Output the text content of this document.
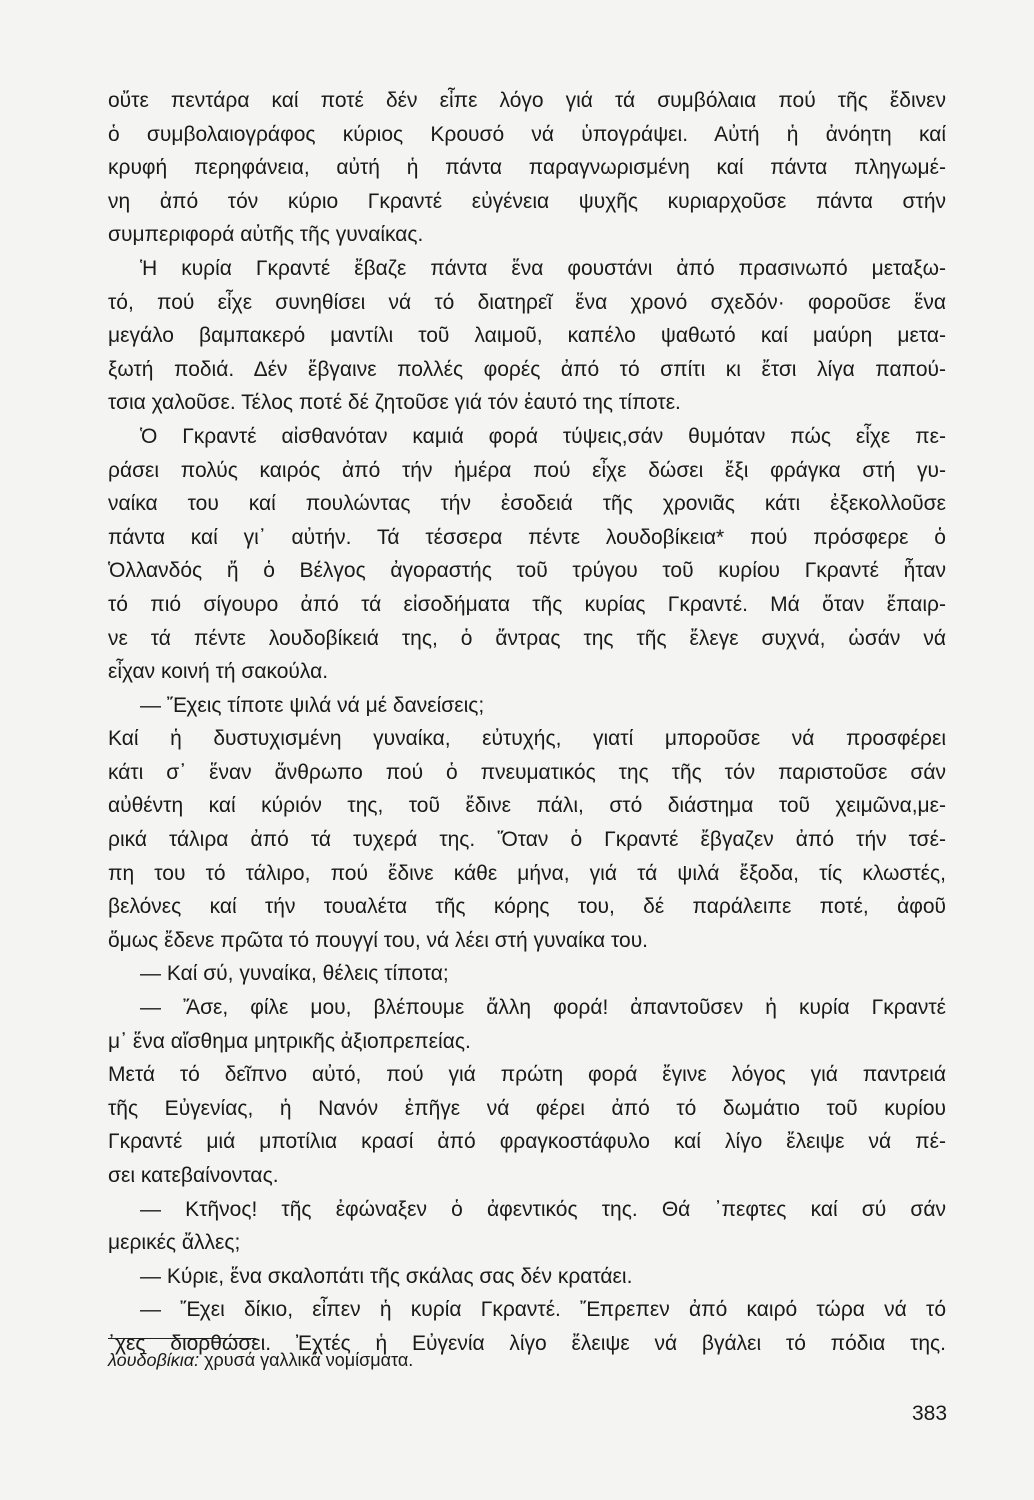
οὔτε πεντάρα καί ποτέ δέν εἶπε λόγο γιά τά συμβόλαια πού τῆς ἔδινεν
ὁ συμβολαιογράφος κύριος Κρουσό νά ὑπογράψει. Αὐτή ἡ ἀνόητη καί
κρυφή περηφάνεια, αὐτή ἡ πάντα παραγνωρισμένη καί πάντα πληγωμέ-
νη ἀπό τόν κύριο Γκραντέ εὐγένεια ψυχῆς κυριαρχοῦσε πάντα στήν
συμπεριφορά αὐτῆς τῆς γυναίκας.
Ἡ κυρία Γκραντέ ἔβαζε πάντα ἕνα φουστάνι ἀπό πρασινωπό μεταξω-
τό, πού εἶχε συνηθίσει νά τό διατηρεῖ ἕνα χρονό σχεδόν· φοροῦσε ἕνα
μεγάλο βαμπακερό μαντίλι τοῦ λαιμοῦ, καπέλο ψαθωτό καί μαύρη μετα-
ξωτή ποδιά. Δέν ἔβγαινε πολλές φορές ἀπό τό σπίτι κι ἔτσι λίγα παπού-
τσια χαλοῦσε. Τέλος ποτέ δέ ζητοῦσε γιά τόν ἑαυτό της τίποτε.
Ὁ Γκραντέ αἰσθανόταν καμιά φορά τύψεις,σάν θυμόταν πώς εἶχε πε-
ράσει πολύς καιρός ἀπό τήν ἡμέρα πού εἶχε δώσει ἔξι φράγκα στή γυ-
ναίκα του καί πουλώντας τήν ἐσοδειά τῆς χρονιᾶς κάτι ἐξεκολλοῦσε
πάντα καί γι᾽ αὐτήν. Τά τέσσερα πέντε λουδοβίκεια* πού πρόσφερε ὁ
Ὁλλανδός ἤ ὁ Βέλγος ἀγοραστής τοῦ τρύγου τοῦ κυρίου Γκραντέ ἦταν
τό πιό σίγουρο ἀπό τά εἰσοδήματα τῆς κυρίας Γκραντέ. Μά ὅταν ἔπαιρ-
νε τά πέντε λουδοβίκειά της, ὁ ἄντρας της τῆς ἔλεγε συχνά, ὡσάν νά
εἶχαν κοινή τή σακούλα.
— Ἔχεις τίποτε ψιλά νά μέ δανείσεις;
Καί ἡ δυστυχισμένη γυναίκα, εὐτυχής, γιατί μποροῦσε νά προσφέρει
κάτι σ᾽ ἕναν ἄνθρωπο πού ὁ πνευματικός της τῆς τόν παριστοῦσε σάν
αὐθέντη καί κύριόν της, τοῦ ἔδινε πάλι, στό διάστημα τοῦ χειμῶνα,με-
ρικά τάλιρα ἀπό τά τυχερά της. Ὅταν ὁ Γκραντέ ἔβγαζεν ἀπό τήν τσέ-
πη του τό τάλιρο, πού ἔδινε κάθε μήνα, γιά τά ψιλά ἔξοδα, τίς κλωστές,
βελόνες καί τήν τουαλέτα τῆς κόρης του, δέ παράλειπε ποτέ, ἀφοῦ
ὅμως ἔδενε πρῶτα τό πουγγί του, νά λέει στή γυναίκα του.
— Καί σύ, γυναίκα, θέλεις τίποτα;
— Ἄσε, φίλε μου, βλέπουμε ἄλλη φορά! ἀπαντοῦσεν ἡ κυρία Γκραντέ
μ᾽ ἕνα αἴσθημα μητρικῆς ἀξιοπρεπείας.
Μετά τό δεῖπνο αὐτό, πού γιά πρώτη φορά ἔγινε λόγος γιά παντρειά
τῆς Εὐγενίας, ἡ Νανόν ἐπῆγε νά φέρει ἀπό τό δωμάτιο τοῦ κυρίου
Γκραντέ μιά μποτίλια κρασί ἀπό φραγκοστάφυλο καί λίγο ἔλειψε νά πέ-
σει κατεβαίνοντας.
— Κτῆνος! τῆς ἐφώναξεν ὁ ἀφεντικός της. Θά ᾽πεφτες καί σύ σάν
μερικές ἄλλες;
— Κύριε, ἕνα σκαλοπάτι τῆς σκάλας σας δέν κρατάει.
— Ἔχει δίκιο, εἶπεν ἡ κυρία Γκραντέ. Ἔπρεπεν ἀπό καιρό τώρα νά τό
᾽χες διορθώσει. Ἐχτές ἡ Εὐγενία λίγο ἔλειψε νά βγάλει τό πόδια της.
λουδοβίκια: χρυσά γαλλικά νομίσματα.
383
